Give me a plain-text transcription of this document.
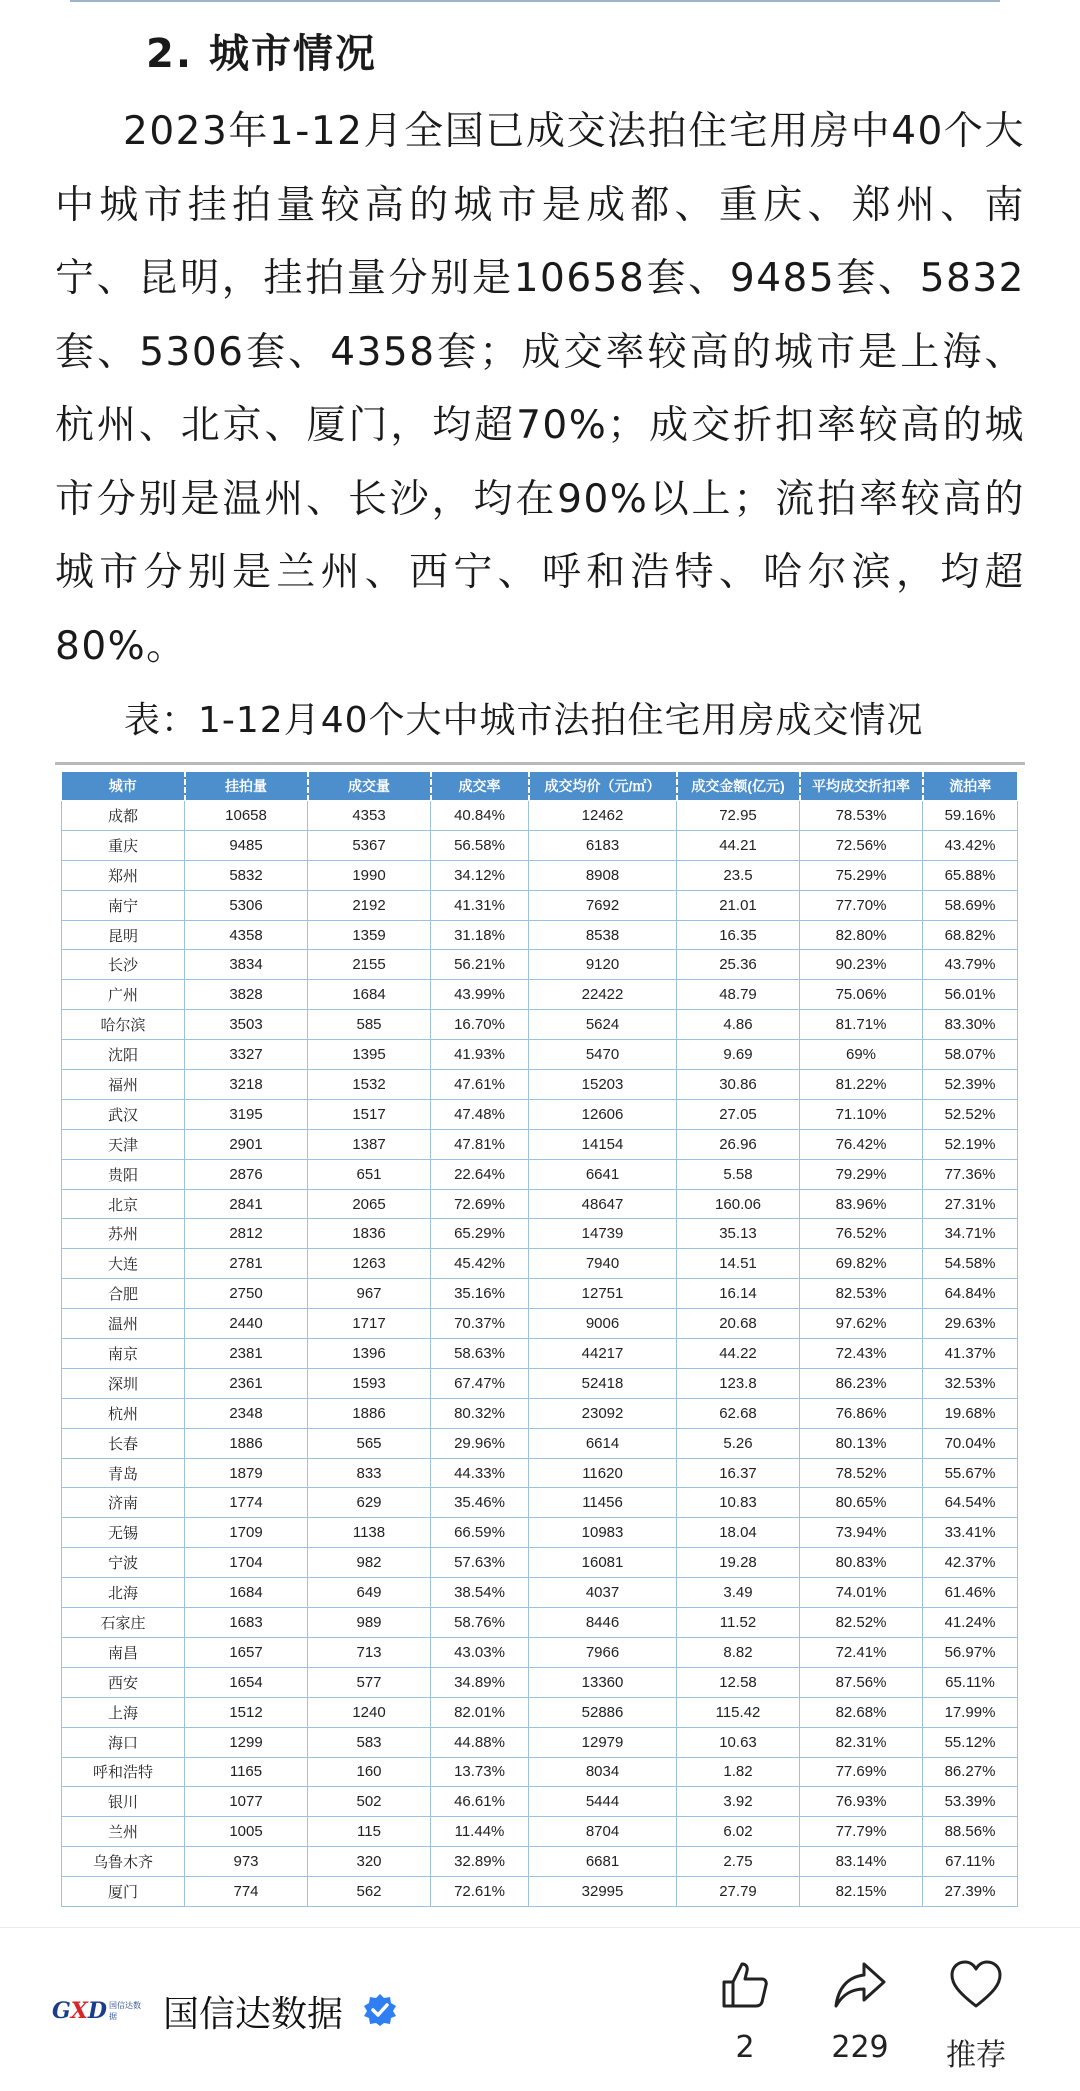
2. 城市情况

2023年1-12月全国已成交法拍住宅用房中40个大中城市挂拍量较高的城市是成都、重庆、郑州、南宁、昆明，挂拍量分别是10658套、9485套、5832套、5306套、4358套；成交率较高的城市是上海、杭州、北京、厦门，均超70%；成交折扣率较高的城市分别是温州、长沙，均在90%以上；流拍率较高的城市分别是兰州、西宁、呼和浩特、哈尔滨，均超80%。

表：1-12月40个大中城市法拍住宅用房成交情况
城市	挂拍量	成交量	成交率	成交均价（元/㎡）	成交金额(亿元)	平均成交折扣率	流拍率
成都	10658	4353	40.84%	12462	72.95	78.53%	59.16%
重庆	9485	5367	56.58%	6183	44.21	72.56%	43.42%
郑州	5832	1990	34.12%	8908	23.5	75.29%	65.88%
南宁	5306	2192	41.31%	7692	21.01	77.70%	58.69%
昆明	4358	1359	31.18%	8538	16.35	82.80%	68.82%
长沙	3834	2155	56.21%	9120	25.36	90.23%	43.79%
广州	3828	1684	43.99%	22422	48.79	75.06%	56.01%
哈尔滨	3503	585	16.70%	5624	4.86	81.71%	83.30%
沈阳	3327	1395	41.93%	5470	9.69	69%	58.07%
福州	3218	1532	47.61%	15203	30.86	81.22%	52.39%
武汉	3195	1517	47.48%	12606	27.05	71.10%	52.52%
天津	2901	1387	47.81%	14154	26.96	76.42%	52.19%
贵阳	2876	651	22.64%	6641	5.58	79.29%	77.36%
北京	2841	2065	72.69%	48647	160.06	83.96%	27.31%
苏州	2812	1836	65.29%	14739	35.13	76.52%	34.71%
大连	2781	1263	45.42%	7940	14.51	69.82%	54.58%
合肥	2750	967	35.16%	12751	16.14	82.53%	64.84%
温州	2440	1717	70.37%	9006	20.68	97.62%	29.63%
南京	2381	1396	58.63%	44217	44.22	72.43%	41.37%
深圳	2361	1593	67.47%	52418	123.8	86.23%	32.53%
杭州	2348	1886	80.32%	23092	62.68	76.86%	19.68%
长春	1886	565	29.96%	6614	5.26	80.13%	70.04%
青岛	1879	833	44.33%	11620	16.37	78.52%	55.67%
济南	1774	629	35.46%	11456	10.83	80.65%	64.54%
无锡	1709	1138	66.59%	10983	18.04	73.94%	33.41%
宁波	1704	982	57.63%	16081	19.28	80.83%	42.37%
北海	1684	649	38.54%	4037	3.49	74.01%	61.46%
石家庄	1683	989	58.76%	8446	11.52	82.52%	41.24%
南昌	1657	713	43.03%	7966	8.82	72.41%	56.97%
西安	1654	577	34.89%	13360	12.58	87.56%	65.11%
上海	1512	1240	82.01%	52886	115.42	82.68%	17.99%
海口	1299	583	44.88%	12979	10.63	82.31%	55.12%
呼和浩特	1165	160	13.73%	8034	1.82	77.69%	86.27%
银川	1077	502	46.61%	5444	3.92	76.93%	53.39%
兰州	1005	115	11.44%	8704	6.02	77.79%	88.56%
乌鲁木齐	973	320	32.89%	6681	2.75	83.14%	67.11%
厦门	774	562	72.61%	32995	27.79	82.15%	27.39%
GXD 国信达数据	国信达数据
2	229	推荐
